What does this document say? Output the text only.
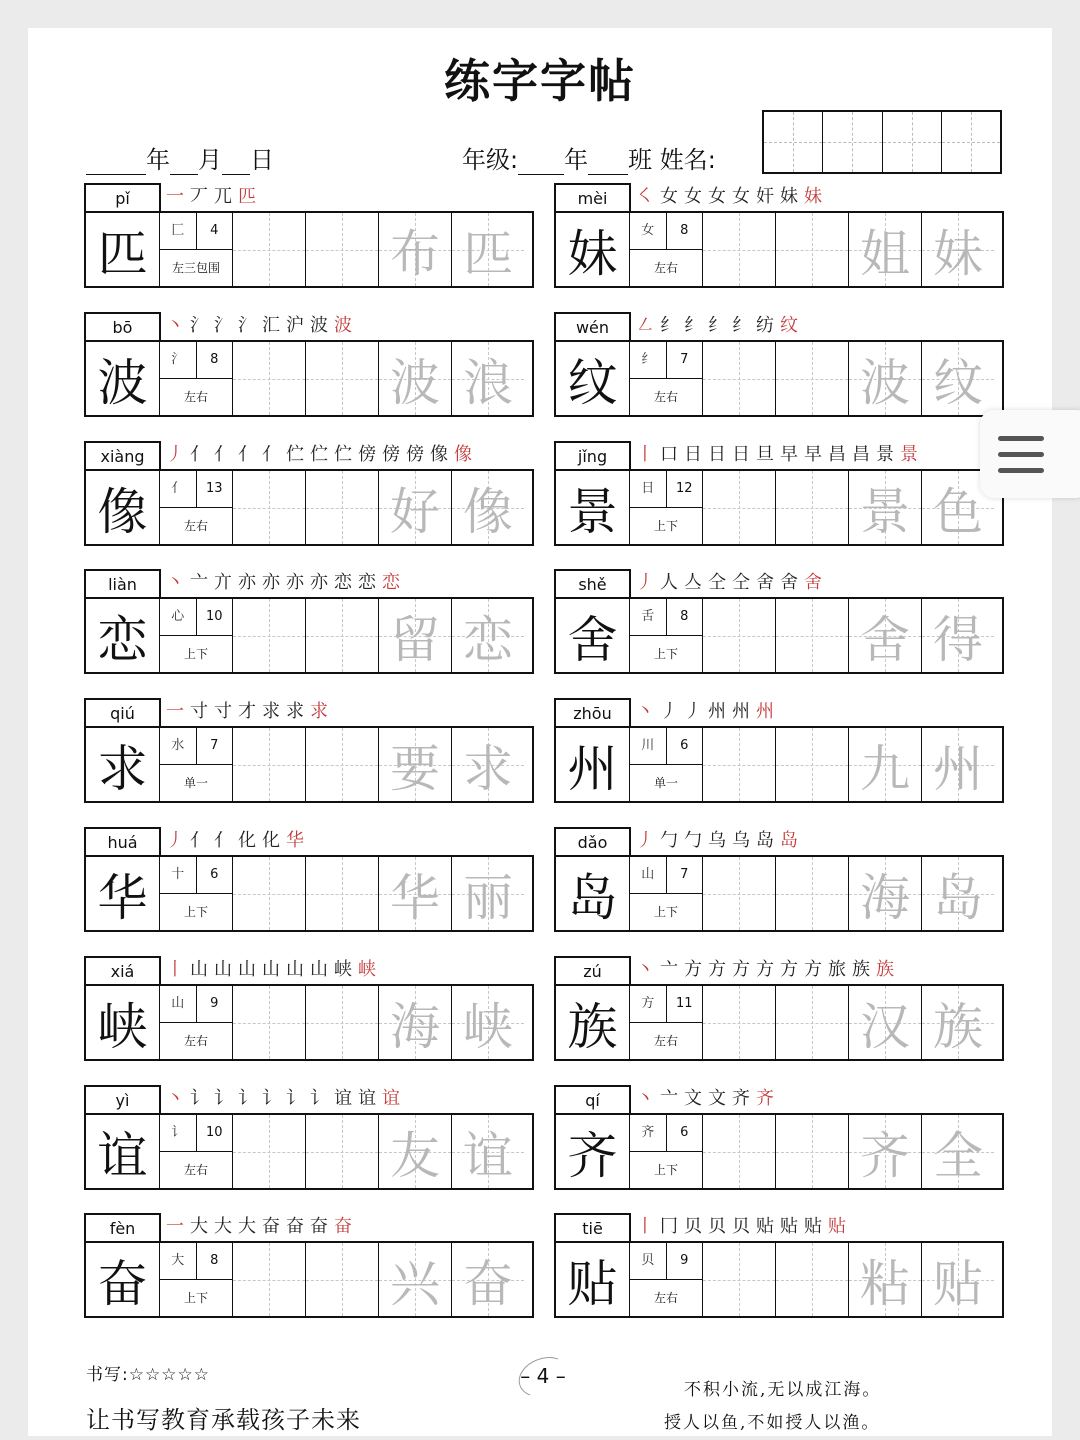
练字字帖
年 月 日	年级: 年 班 姓名:
pǐ	一丆兀匹
匹	匚	4
左三包围	布 匹
mèi	㇛女女女女奸妹妹
妹	女	8
左右	姐 妹
bō	丶氵氵氵汇沪波波
波	氵	8
左右	波 浪
wén	㇜纟纟纟纟纺纹
纹	纟	7
左右	波 纹
xiàng	丿亻亻亻亻伫伫伫傍傍傍像像
像	亻	13
左右	好 像
jǐng	丨口日日日旦早早昌昌景景
景	日	12
上下	景 色
liàn	丶亠亣亦亦亦亦恋恋恋
恋	心	10
上下	留 恋
shě	丿人亼仝仝舍舍舍
舍	舌	8
上下	舍 得
qiú	一寸寸才求求求
求	水	7
单一	要 求
zhōu	丶丿丿州州州
州	川	6
单一	九 州
huá	丿亻亻化化华
华	十	6
上下	华 丽
dǎo	丿勹勹乌乌岛岛
岛	山	7
上下	海 岛
xiá	丨山山山山山山峡峡
峡	山	9
左右	海 峡
zú	丶亠方方方方方方旅族族
族	方	11
左右	汉 族
yì	丶讠讠讠讠讠讠谊谊谊
谊	讠	10
左右	友 谊
qí	丶亠文文齐齐
齐	齐	6
上下	齐 全
fèn	一大大大奋奋奋奋
奋	大	8
上下	兴 奋
tiē	丨冂贝贝贝贴贴贴贴
贴	贝	9
左右	粘 贴
书写:☆☆☆☆☆
让书写教育承载孩子未来
– 4 –
不积小流,无以成江海。
授人以鱼,不如授人以渔。
